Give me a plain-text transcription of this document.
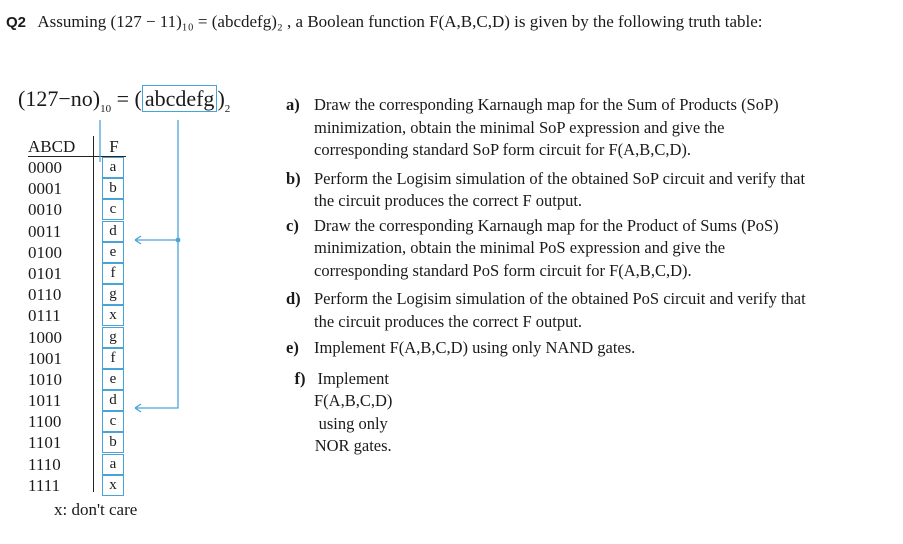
Q2 Assuming (127 − 11)₁₀ = (abcdefg)₂ , a Boolean function F(A,B,C,D) is given by the following truth table:
$(127-no)_{10}$ = ( abcdefg )$_2$
ABCD	F
0000	a
0001	b
0010	c
0011	d
0100	e
0101	f
0110	g
0111	x
1000	g
1001	f
1010	e
1011	d
1100	c
1101	b
1110	a
1111	x
x: don't care
a) Draw the corresponding Karnaugh map for the Sum of Products (SoP) minimization, obtain the minimal SoP expression and give the corresponding standard SoP form circuit for F(A,B,C,D).
b) Perform the Logisim simulation of the obtained SoP circuit and verify that the circuit produces the correct F output.
c) Draw the corresponding Karnaugh map for the Product of Sums (PoS) minimization, obtain the minimal PoS expression and give the corresponding standard PoS form circuit for F(A,B,C,D).
d) Perform the Logisim simulation of the obtained PoS circuit and verify that the circuit produces the correct F output.
e) Implement F(A,B,C,D) using only NAND gates.
f) Implement F(A,B,C,D) using only NOR gates.
